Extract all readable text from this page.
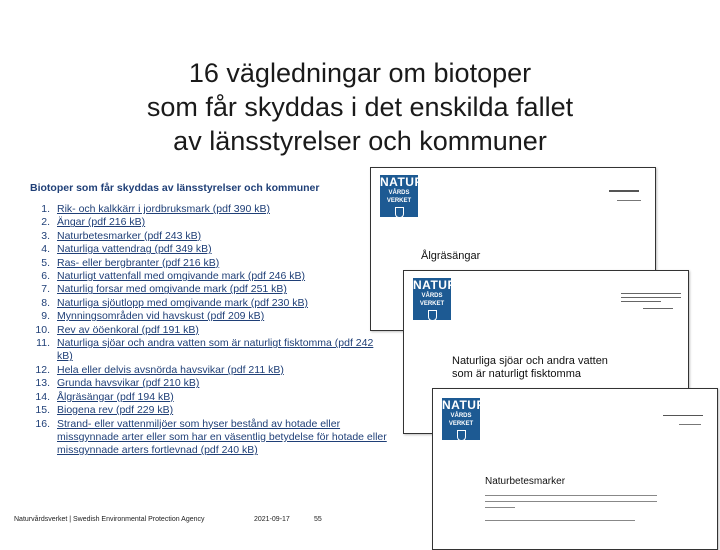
16 vägledningar om biotoper
som får skyddas i det enskilda fallet
av länsstyrelser och kommuner
Biotoper som får skyddas av länsstyrelser och kommuner
1. Rik- och kalkkärr i jordbruksmark (pdf 390 kB)
2. Ängar (pdf 216 kB)
3. Naturbetesmarker (pdf 243 kB)
4. Naturliga vattendrag (pdf 349 kB)
5. Ras- eller bergbranter (pdf 216 kB)
6. Naturligt vattenfall med omgivande mark (pdf 246 kB)
7. Naturlig forsar med omgivande mark (pdf 251 kB)
8. Naturliga sjöutlopp med omgivande mark (pdf 230 kB)
9. Mynningsområden vid havskust (pdf 209 kB)
10. Rev av ööenkoral (pdf 191 kB)
11. Naturliga sjöar och andra vatten som är naturligt fisktomma (pdf 242 kB)
12. Hela eller delvis avsnörda havsvikar (pdf 211 kB)
13. Grunda havsvikar (pdf 210 kB)
14. Ålgräsängar (pdf 194 kB)
15. Biogena rev (pdf 229 kB)
16. Strand- eller vattenmiljöer som hyser bestånd av hotade eller missgynnade arter eller som har en väsentlig betydelse för hotade eller missgynnade arters fortlevnad (pdf 240 kB)
NATUR
VÅRDS
VERKET
Ålgräsängar
NATUR
VÅRDS
VERKET
Naturliga sjöar och andra vatten
som är naturligt fisktomma
NATUR
VÅRDS
VERKET
Naturbetesmarker
Naturvårdsverket | Swedish Environmental Protection Agency	2021-09-17	55
